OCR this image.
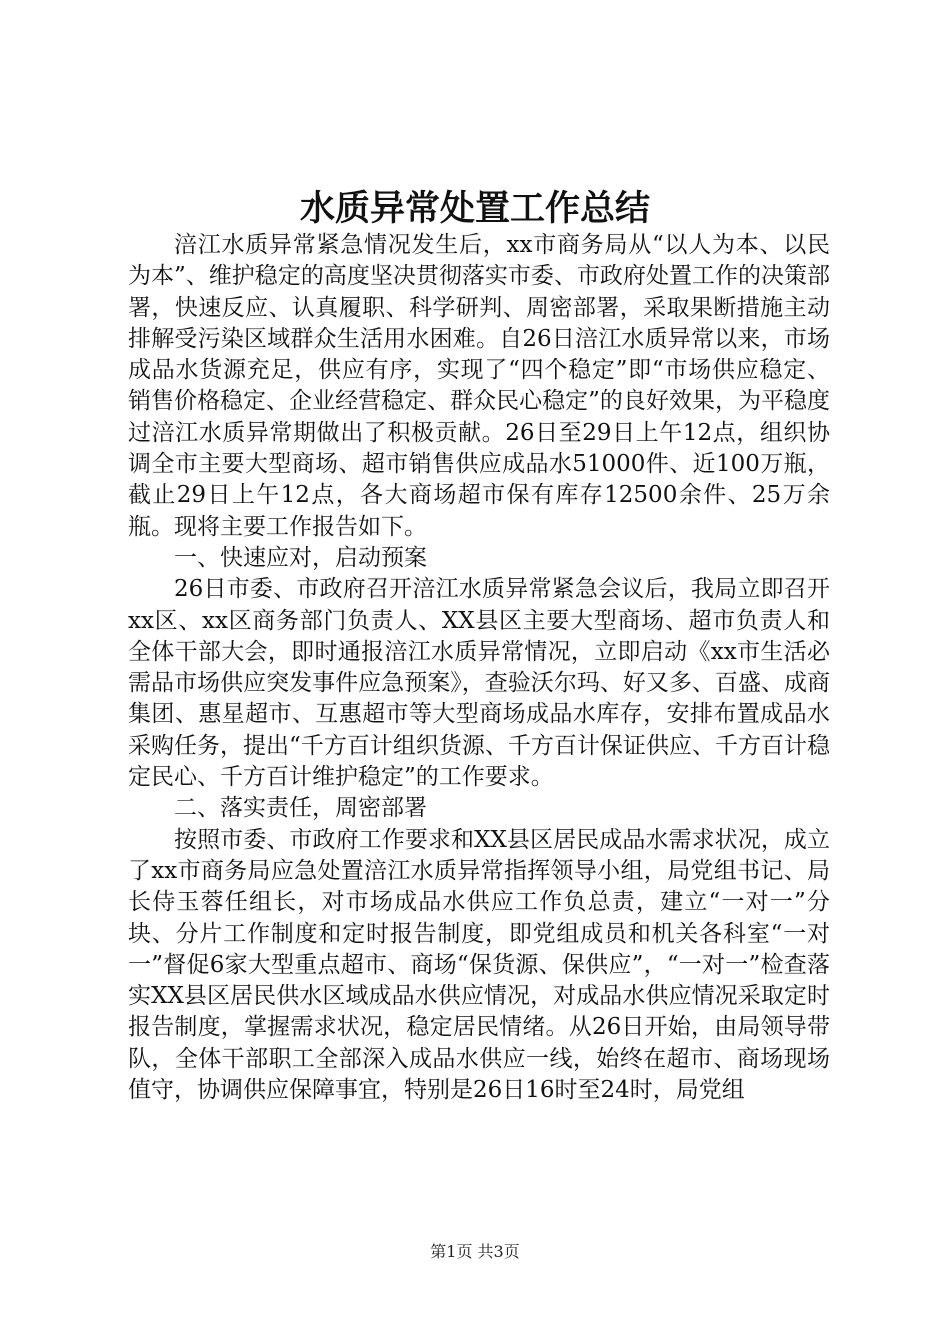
水质异常处置工作总结

涪江水质异常紧急情况发生后，xx市商务局从“以人为本、以民为本”、维护稳定的高度坚决贯彻落实市委、市政府处置工作的决策部署，快速反应、认真履职、科学研判、周密部署，采取果断措施主动排解受污染区域群众生活用水困难。自26日涪江水质异常以来，市场成品水货源充足，供应有序，实现了“四个稳定”即“市场供应稳定、销售价格稳定、企业经营稳定、群众民心稳定”的良好效果，为平稳度过涪江水质异常期做出了积极贡献。26日至29日上午12点，组织协调全市主要大型商场、超市销售供应成品水51000件、近100万瓶，截止29日上午12点，各大商场超市保有库存12500余件、25万余瓶。现将主要工作报告如下。

一、快速应对，启动预案

26日市委、市政府召开涪江水质异常紧急会议后，我局立即召开xx区、xx区商务部门负责人、XX县区主要大型商场、超市负责人和全体干部大会，即时通报涪江水质异常情况，立即启动《xx市生活必需品市场供应突发事件应急预案》，查验沃尔玛、好又多、百盛、成商集团、惠星超市、互惠超市等大型商场成品水库存，安排布置成品水采购任务，提出“千方百计组织货源、千方百计保证供应、千方百计稳定民心、千方百计维护稳定”的工作要求。

二、落实责任，周密部署

按照市委、市政府工作要求和XX县区居民成品水需求状况，成立了xx市商务局应急处置涪江水质异常指挥领导小组，局党组书记、局长侍玉蓉任组长，对市场成品水供应工作负总责，建立“一对一”分块、分片工作制度和定时报告制度，即党组成员和机关各科室“一对一”督促6家大型重点超市、商场“保货源、保供应”，“一对一”检查落实XX县区居民供水区域成品水供应情况，对成品水供应情况采取定时报告制度，掌握需求状况，稳定居民情绪。从26日开始，由局领导带队，全体干部职工全部深入成品水供应一线，始终在超市、商场现场值守，协调供应保障事宜，特别是26日16时至24时，局党组

第1页 共3页
